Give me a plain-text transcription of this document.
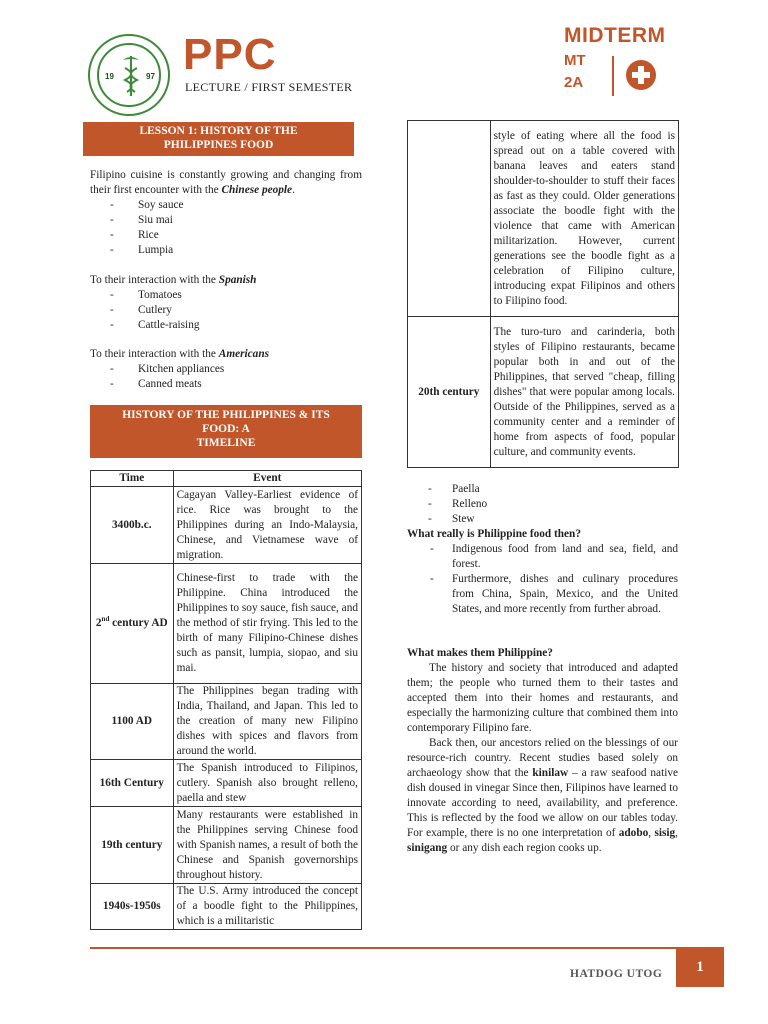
19	97 PPC
LECTURE / FIRST SEMESTER
MIDTERM
MT
2A
LESSON 1: HISTORY OF THE
PHILIPPINES FOOD
Filipino cuisine is constantly growing and changing from their first encounter with the Chinese people.
- Soy sauce
- Siu mai
- Rice
- Lumpia
To their interaction with the Spanish
- Tomatoes
- Cutlery
- Cattle-raising
To their interaction with the Americans
- Kitchen appliances
- Canned meats
HISTORY OF THE PHILIPPINES & ITS
FOOD: A
TIMELINE
Time	Event
3400b.c.	Cagayan Valley-Earliest evidence of rice. Rice was brought to the Philippines during an Indo-Malaysia, Chinese, and Vietnamese wave of migration.
2nd century AD	Chinese-first to trade with the Philippine. China introduced the Philippines to soy sauce, fish sauce, and the method of stir frying. This led to the birth of many Filipino-Chinese dishes such as pansit, lumpia, siopao, and siu mai.
1100 AD	The Philippines began trading with India, Thailand, and Japan. This led to the creation of many new Filipino dishes with spices and flavors from around the world.
16th Century	The Spanish introduced to Filipinos, cutlery. Spanish also brought relleno, paella and stew
19th century	Many restaurants were established in the Philippines serving Chinese food with Spanish names, a result of both the Chinese and Spanish governorships throughout history.
1940s-1950s	The U.S. Army introduced the concept of a boodle fight to the Philippines, which is a militaristic
	style of eating where all the food is spread out on a table covered with banana leaves and eaters stand shoulder-to-shoulder to stuff their faces as fast as they could. Older generations associate the boodle fight with the violence that came with American militarization. However, current generations see the boodle fight as a celebration of Filipino culture, introducing expat Filipinos and others to Filipino food.
20th century	The turo-turo and carinderia, both styles of Filipino restaurants, became popular both in and out of the Philippines, that served "cheap, filling dishes" that were popular among locals. Outside of the Philippines, served as a community center and a reminder of home from aspects of food, popular culture, and community events.
- Paella
- Relleno
- Stew
What really is Philippine food then?
- Indigenous food from land and sea, field, and forest.
- Furthermore, dishes and culinary procedures from China, Spain, Mexico, and the United States, and more recently from further abroad.
What makes them Philippine?
The history and society that introduced and adapted them; the people who turned them to their tastes and accepted them into their homes and restaurants, and especially the harmonizing culture that combined them into contemporary Filipino fare.
Back then, our ancestors relied on the blessings of our resource-rich country. Recent studies based solely on archaeology show that the kinilaw – a raw seafood native dish doused in vinegar Since then, Filipinos have learned to innovate according to need, availability, and preference. This is reflected by the food we allow on our tables today. For example, there is no one interpretation of adobo, sisig, sinigang or any dish each region cooks up.
HATDOG UTOG	1
